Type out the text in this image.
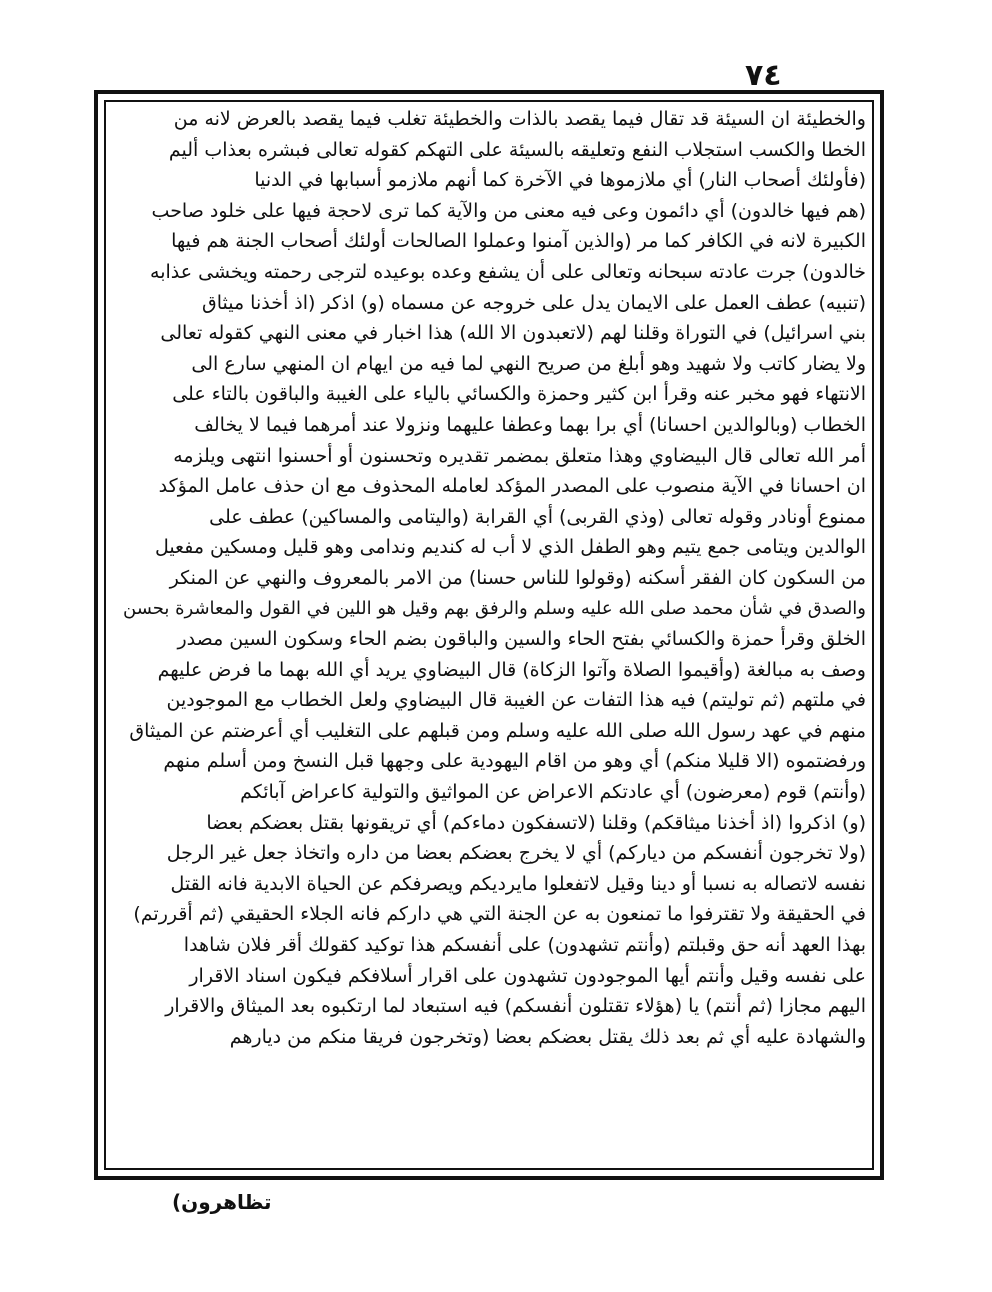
٧٤
والخطيئة ان السيئة قد تقال فيما يقصد بالذات والخطيئة تغلب فيما يقصد بالعرض لانه من
الخطا والكسب استجلاب النفع وتعليقه بالسيئة على التهكم كقوله تعالى فبشره بعذاب أليم
(فأولئك أصحاب النار) أي ملازموها في الآخرة كما أنهم ملازمو أسبابها في الدنيا
(هم فيها خالدون) أي دائمون وعى فيه معنى من والآية كما ترى لاحجة فيها على خلود صاحب
الكبيرة لانه في الكافر كما مر (والذين آمنوا وعملوا الصالحات أولئك أصحاب الجنة هم فيها
خالدون) جرت عادته سبحانه وتعالى على أن يشفع وعده بوعيده لترجى رحمته ويخشى عذابه
(تنبيه) عطف العمل على الايمان يدل على خروجه عن مسماه (و) اذكر (اذ أخذنا ميثاق
بني اسرائيل) في التوراة وقلنا لهم (لاتعبدون الا الله) هذا اخبار في معنى النهي كقوله تعالى
ولا يضار كاتب ولا شهيد وهو أبلغ من صريح النهي لما فيه من ايهام ان المنهي سارع الى
الانتهاء فهو مخبر عنه وقرأ ابن كثير وحمزة والكسائي بالياء على الغيبة والباقون بالتاء على
الخطاب (وبالوالدين احسانا) أي برا بهما وعطفا عليهما ونزولا عند أمرهما فيما لا يخالف
أمر الله تعالى قال البيضاوي وهذا متعلق بمضمر تقديره وتحسنون أو أحسنوا انتهى ويلزمه
ان احسانا في الآية منصوب على المصدر المؤكد لعامله المحذوف مع ان حذف عامل المؤكد
ممنوع أونادر وقوله تعالى (وذي القربى) أي القرابة (واليتامى والمساكين) عطف على
الوالدين ويتامى جمع يتيم وهو الطفل الذي لا أب له كنديم وندامى وهو قليل ومسكين مفعيل
من السكون كان الفقر أسكنه (وقولوا للناس حسنا) من الامر بالمعروف والنهي عن المنكر
والصدق في شأن محمد صلى الله عليه وسلم والرفق بهم وقيل هو اللين في القول والمعاشرة بحسن
الخلق وقرأ حمزة والكسائي بفتح الحاء والسين والباقون بضم الحاء وسكون السين مصدر
وصف به مبالغة (وأقيموا الصلاة وآتوا الزكاة) قال البيضاوي يريد أي الله بهما ما فرض عليهم
في ملتهم (ثم توليتم) فيه هذا التفات عن الغيبة قال البيضاوي ولعل الخطاب مع الموجودين
منهم في عهد رسول الله صلى الله عليه وسلم ومن قبلهم على التغليب أي أعرضتم عن الميثاق
ورفضتموه (الا قليلا منكم) أي وهو من اقام اليهودية على وجهها قبل النسخ ومن أسلم منهم
(وأنتم) قوم (معرضون) أي عادتكم الاعراض عن المواثيق والتولية كاعراض آبائكم
(و) اذكروا (اذ أخذنا ميثاقكم) وقلنا (لاتسفكون دماءكم) أي تريقونها بقتل بعضكم بعضا
(ولا تخرجون أنفسكم من دياركم) أي لا يخرج بعضكم بعضا من داره واتخاذ جعل غير الرجل
نفسه لاتصاله به نسبا أو دينا وقيل لاتفعلوا مايرديكم ويصرفكم عن الحياة الابدية فانه القتل
في الحقيقة ولا تقترفوا ما تمنعون به عن الجنة التي هي داركم فانه الجلاء الحقيقي (ثم أقررتم)
بهذا العهد أنه حق وقبلتم (وأنتم تشهدون) على أنفسكم هذا توكيد كقولك أقر فلان شاهدا
على نفسه وقيل وأنتم أيها الموجودون تشهدون على اقرار أسلافكم فيكون اسناد الاقرار
اليهم مجازا (ثم أنتم) يا (هؤلاء تقتلون أنفسكم) فيه استبعاد لما ارتكبوه بعد الميثاق والاقرار
والشهادة عليه أي ثم بعد ذلك يقتل بعضكم بعضا (وتخرجون فريقا منكم من ديارهم
تظاهرون)
